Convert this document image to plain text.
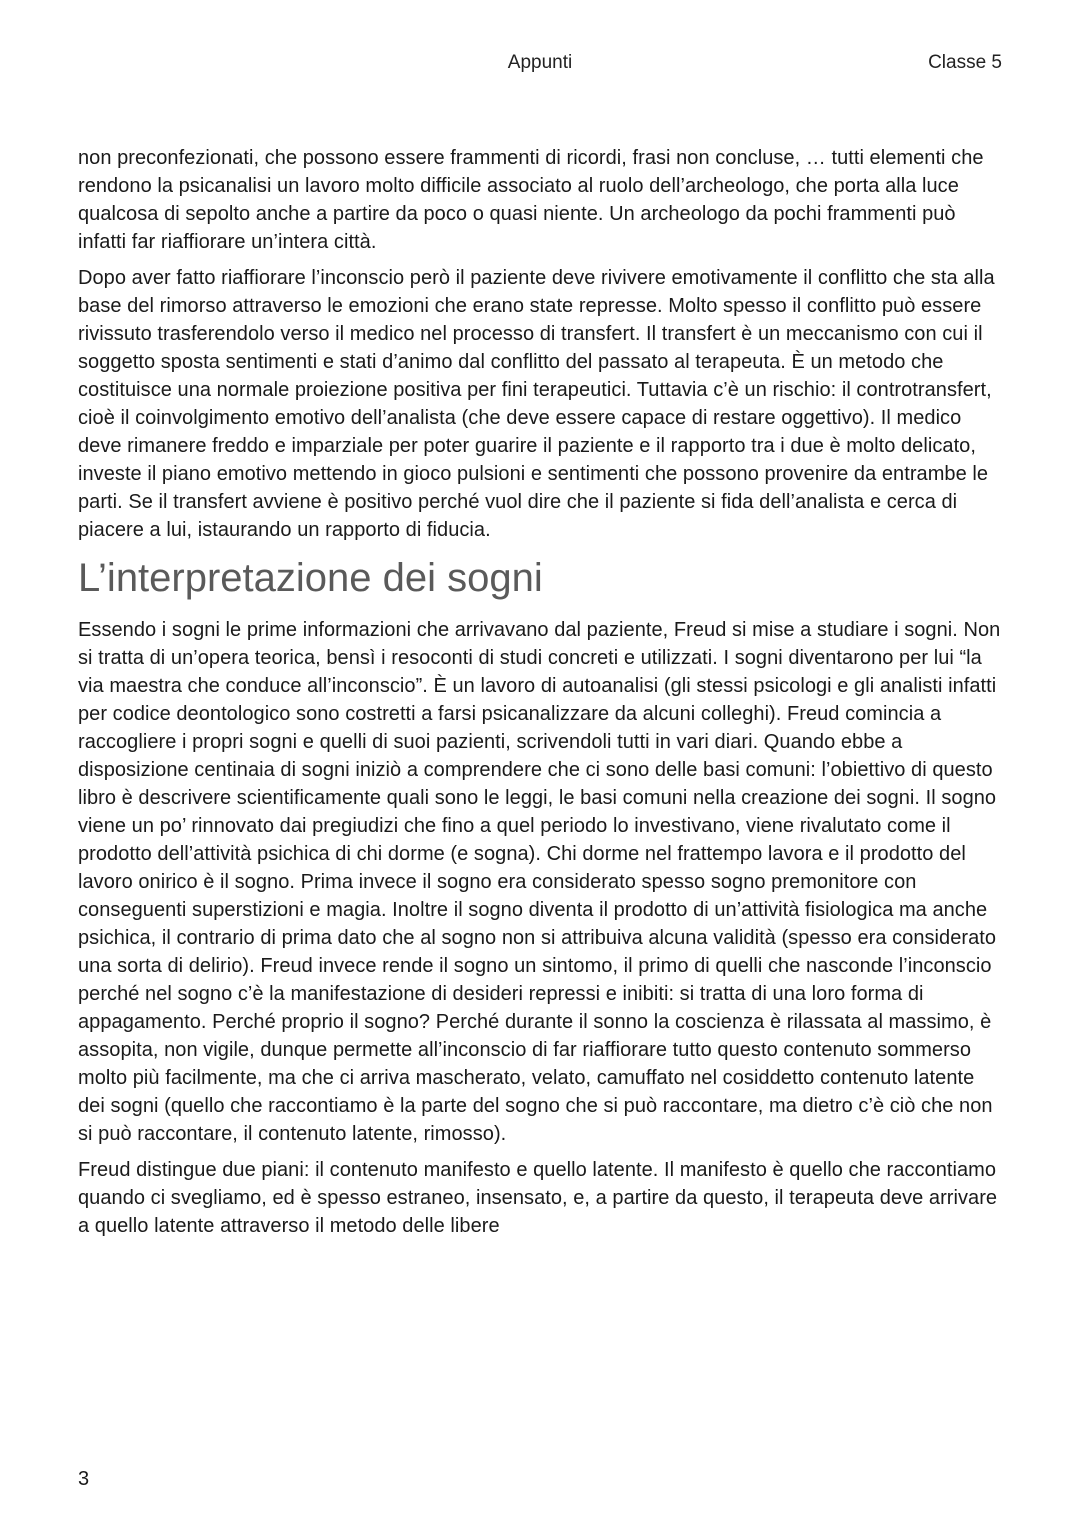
Appunti	Classe 5

non preconfezionati, che possono essere frammenti di ricordi, frasi non concluse, … tutti elementi che rendono la psicanalisi un lavoro molto difficile associato al ruolo dell’archeologo, che porta alla luce qualcosa di sepolto anche a partire da poco o quasi niente. Un archeologo da pochi frammenti può infatti far riaffiorare un’intera città.

Dopo aver fatto riaffiorare l’inconscio però il paziente deve rivivere emotivamente il conflitto che sta alla base del rimorso attraverso le emozioni che erano state represse. Molto spesso il conflitto può essere rivissuto trasferendolo verso il medico nel processo di transfert. Il transfert è un meccanismo con cui il soggetto sposta sentimenti e stati d’animo dal conflitto del passato al terapeuta. È un metodo che costituisce una normale proiezione positiva per fini terapeutici. Tuttavia c’è un rischio: il controtransfert, cioè il coinvolgimento emotivo dell’analista (che deve essere capace di restare oggettivo). Il medico deve rimanere freddo e imparziale per poter guarire il paziente e il rapporto tra i due è molto delicato, investe il piano emotivo mettendo in gioco pulsioni e sentimenti che possono provenire da entrambe le parti. Se il transfert avviene è positivo perché vuol dire che il paziente si fida dell’analista e cerca di piacere a lui, istaurando un rapporto di fiducia.

L’interpretazione dei sogni

Essendo i sogni le prime informazioni che arrivavano dal paziente, Freud si mise a studiare i sogni. Non si tratta di un’opera teorica, bensì i resoconti di studi concreti e utilizzati. I sogni diventarono per lui “la via maestra che conduce all’inconscio”. È un lavoro di autoanalisi (gli stessi psicologi e gli analisti infatti per codice deontologico sono costretti a farsi psicanalizzare da alcuni colleghi). Freud comincia a raccogliere i propri sogni e quelli di suoi pazienti, scrivendoli tutti in vari diari. Quando ebbe a disposizione centinaia di sogni iniziò a comprendere che ci sono delle basi comuni: l’obiettivo di questo libro è descrivere scientificamente quali sono le leggi, le basi comuni nella creazione dei sogni. Il sogno viene un po’ rinnovato dai pregiudizi che fino a quel periodo lo investivano, viene rivalutato come il prodotto dell’attività psichica di chi dorme (e sogna). Chi dorme nel frattempo lavora e il prodotto del lavoro onirico è il sogno. Prima invece il sogno era considerato spesso sogno premonitore con conseguenti superstizioni e magia. Inoltre il sogno diventa il prodotto di un’attività fisiologica ma anche psichica, il contrario di prima dato che al sogno non si attribuiva alcuna validità (spesso era considerato una sorta di delirio). Freud invece rende il sogno un sintomo, il primo di quelli che nasconde l’inconscio perché nel sogno c’è la manifestazione di desideri repressi e inibiti: si tratta di una loro forma di appagamento. Perché proprio il sogno? Perché durante il sonno la coscienza è rilassata al massimo, è assopita, non vigile, dunque permette all’inconscio di far riaffiorare tutto questo contenuto sommerso molto più facilmente, ma che ci arriva mascherato, velato, camuffato nel cosiddetto contenuto latente dei sogni (quello che raccontiamo è la parte del sogno che si può raccontare, ma dietro c’è ciò che non si può raccontare, il contenuto latente, rimosso).

Freud distingue due piani: il contenuto manifesto e quello latente. Il manifesto è quello che raccontiamo quando ci svegliamo, ed è spesso estraneo, insensato, e, a partire da questo, il terapeuta deve arrivare a quello latente attraverso il metodo delle libere

3
